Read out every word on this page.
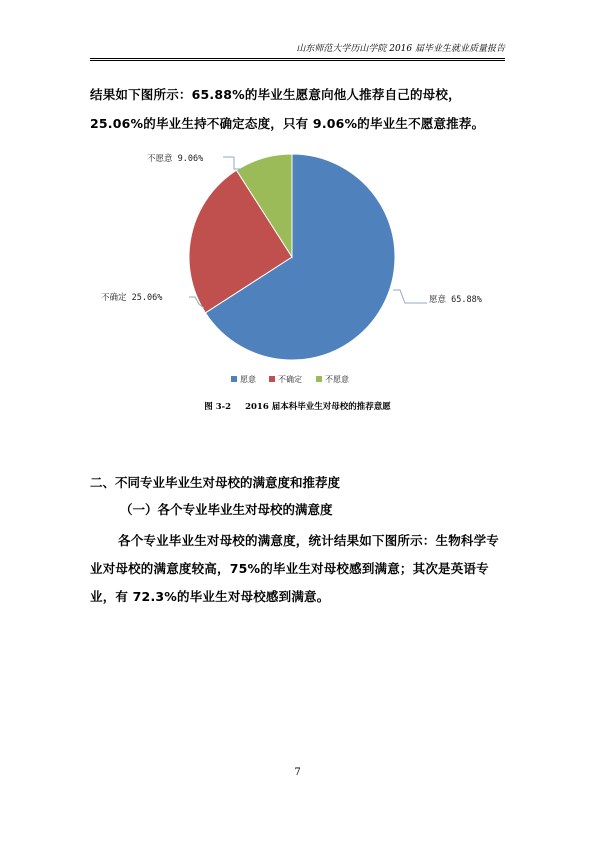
山东师范大学历山学院 2016 届毕业生就业质量报告
结果如下图所示：65.88%的毕业生愿意向他人推荐自己的母校，
25.06%的毕业生持不确定态度，只有 9.06%的毕业生不愿意推荐。
愿意 65.88%
不确定 25.06%
不愿意 9.06%
愿意	不确定	不愿意
图 3-2 2016 届本科毕业生对母校的推荐意愿
二、不同专业毕业生对母校的满意度和推荐度
（一）各个专业毕业生对母校的满意度
各个专业毕业生对母校的满意度，统计结果如下图所示：生物科学专业对母校的满意度较高，75%的毕业生对母校感到满意；其次是英语专业，有 72.3%的毕业生对母校感到满意。
7
